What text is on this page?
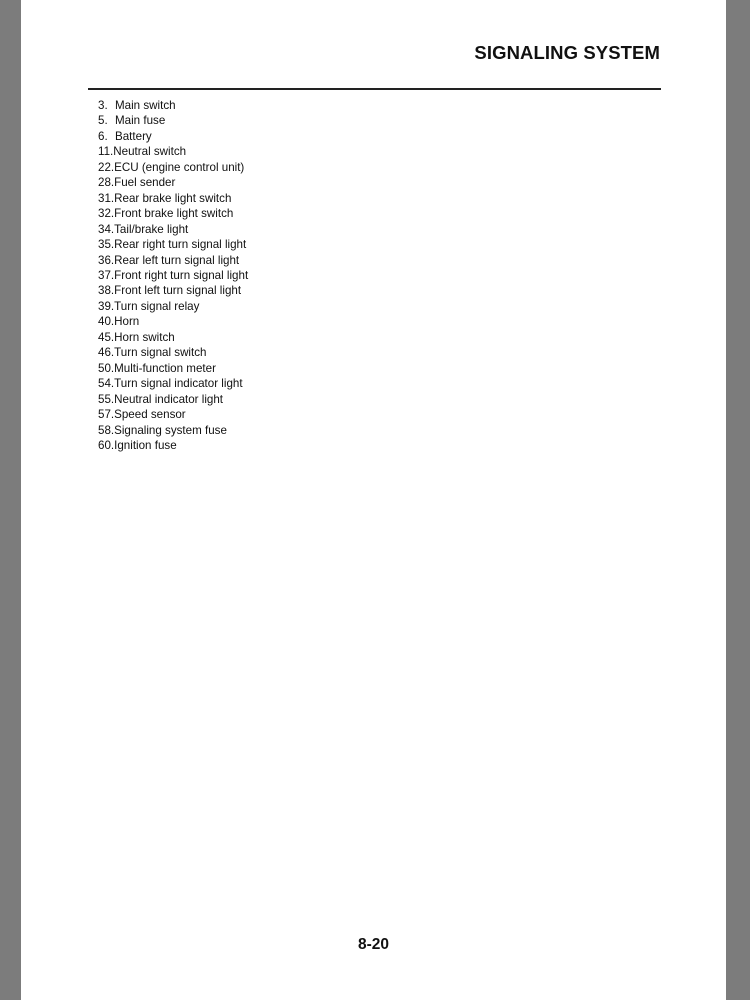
SIGNALING SYSTEM
3. Main switch
5. Main fuse
6. Battery
11.Neutral switch
22.ECU (engine control unit)
28.Fuel sender
31.Rear brake light switch
32.Front brake light switch
34.Tail/brake light
35.Rear right turn signal light
36.Rear left turn signal light
37.Front right turn signal light
38.Front left turn signal light
39.Turn signal relay
40.Horn
45.Horn switch
46.Turn signal switch
50.Multi-function meter
54.Turn signal indicator light
55.Neutral indicator light
57.Speed sensor
58.Signaling system fuse
60.Ignition fuse
8-20
